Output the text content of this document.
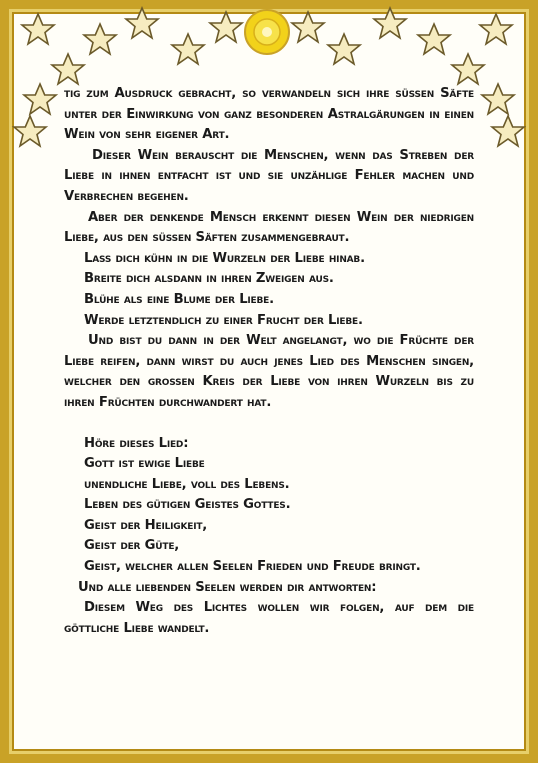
tig zum Ausdruck gebracht, so verwandeln sich ihre süssen Säfte unter der Einwirkung von ganz besonderen Astralgärungen in einen Wein von sehr eigener Art.

Dieser Wein berauscht die Menschen, wenn das Streben der Liebe in ihnen entfacht ist und sie unzählige Fehler machen und Verbrechen begehen.

Aber der denkende Mensch erkennt diesen Wein der niedrigen Liebe, aus den süssen Säften zusammengebraut.

Lass dich kühn in die Wurzeln der Liebe hinab.

Breite dich alsdann in ihren Zweigen aus.

Blühe als eine Blume der Liebe.

Werde letztendlich zu einer Frucht der Liebe.

Und bist du dann in der Welt angelangt, wo die Früchte der Liebe reifen, dann wirst du auch jenes Lied des Menschen singen, welcher den grossen Kreis der Liebe von ihren Wurzeln bis zu ihren Früchten durchwandert hat.

Höre dieses Lied:

Gott ist ewige Liebe

unendliche Liebe, voll des Lebens.

Leben des gütigen Geistes Gottes.

Geist der Heiligkeit,

Geist der Güte,

Geist, welcher allen Seelen Frieden und Freude bringt.

Und alle liebenden Seelen werden dir antworten:

Diesem Weg des Lichtes wollen wir folgen, auf dem die göttliche Liebe wandelt.
